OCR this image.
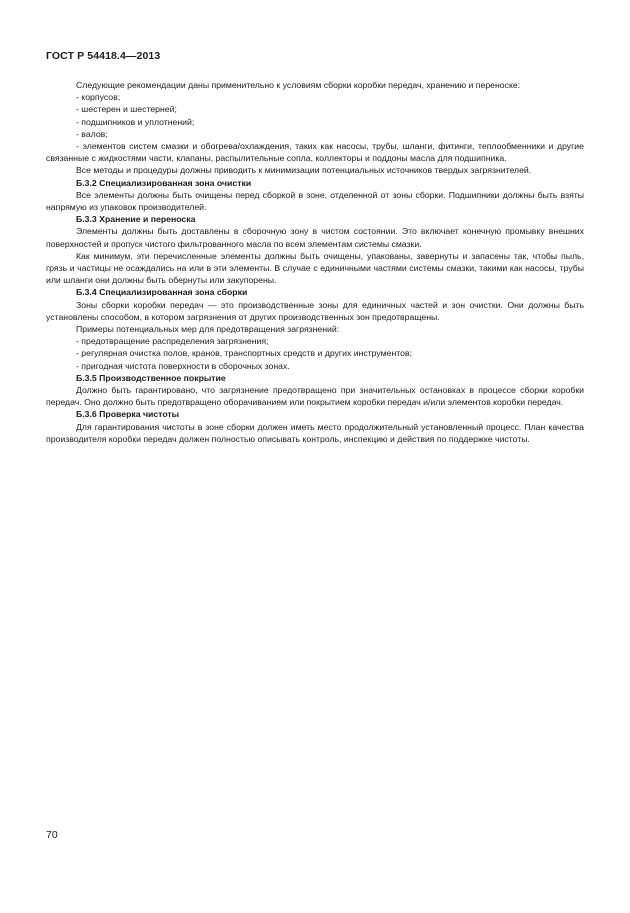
ГОСТ Р 54418.4—2013

Следующие рекомендации даны применительно к условиям сборки коробки передач, хранению и переноске:

- корпусов;

- шестерен и шестерней;

- подшипников и уплотнений;

- валов;

- элементов систем смазки и обогрева/охлаждения, таких как насосы, трубы, шланги, фитинги, теплообменники и другие связанные с жидкостями части, клапаны, распылительные сопла, коллекторы и поддоны масла для подшипника.

Все методы и процедуры должны приводить к минимизации потенциальных источников твердых загрязнителей.

Б.3.2 Специализированная зона очистки

Все элементы должны быть очищены перед сборкой в зоне, отделенной от зоны сборки. Подшипники должны быть взяты напрямую из упаковок производителей.

Б.3.3 Хранение и переноска

Элементы должны быть доставлены в сборочную зону в чистом состоянии. Это включает конечную промывку внешних поверхностей и пропуск чистого фильтрованного масла по всем элементам системы смазки.

Как минимум, эти перечисленные элементы должны быть очищены, упакованы, завернуты и запасены так, чтобы пыль, грязь и частицы не осаждались на или в эти элементы. В случае с единичными частями системы смазки, такими как насосы, трубы или шланги они должны быть обернуты или закупорены.

Б.3.4 Специализированная зона сборки

Зоны сборки коробки передач — это производственные зоны для единичных частей и зон очистки. Они должны быть установлены способом, в котором загрязнения от других производственных зон предотвращены.

Примеры потенциальных мер для предотвращения загрязнений:

- предотвращение распределения загрязнения;

- регулярная очистка полов, кранов, транспортных средств и других инструментов;

- пригодная чистота поверхности в сборочных зонах.

Б.3.5 Производственное покрытие

Должно быть гарантировано, что загрязнение предотвращено при значительных остановках в процессе сборки коробки передач. Оно должно быть предотвращено оборачиванием или покрытием коробки передач и/или элементов коробки передач.

Б.3.6 Проверка чистоты

Для гарантирования чистоты в зоне сборки должен иметь место продолжительный установленный процесс. План качества производителя коробки передач должен полностью описывать контроль, инспекцию и действия по поддержке чистоты.

70
